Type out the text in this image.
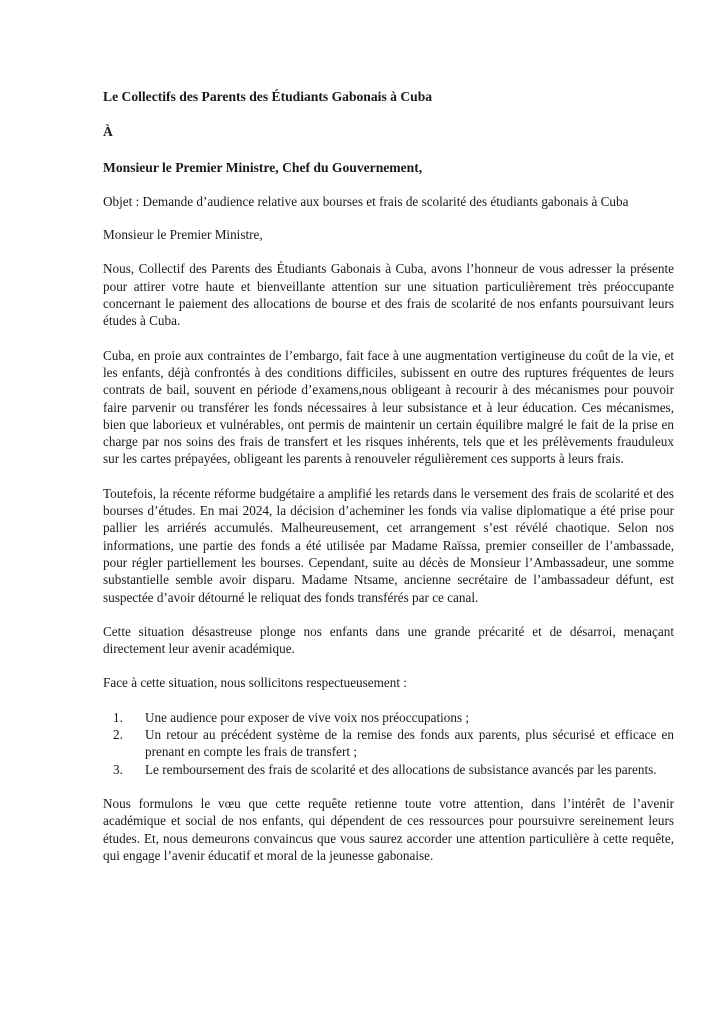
Le Collectifs des Parents des Étudiants Gabonais à Cuba

À

Monsieur le Premier Ministre, Chef du Gouvernement,

Objet : Demande d’audience relative aux bourses et frais de scolarité des étudiants gabonais à Cuba

Monsieur le Premier Ministre,

Nous, Collectif des Parents des Étudiants Gabonais à Cuba, avons l’honneur de vous adresser la présente pour attirer votre haute et bienveillante attention sur une situation particulièrement très préoccupante concernant le paiement des allocations de bourse et des frais de scolarité de nos enfants poursuivant leurs études à Cuba.

Cuba, en proie aux contraintes de l’embargo, fait face à une augmentation vertigineuse du coût de la vie, et les enfants, déjà confrontés à des conditions difficiles, subissent en outre des ruptures fréquentes de leurs contrats de bail, souvent en période d’examens,nous obligeant à recourir à des mécanismes pour pouvoir faire parvenir ou transférer les fonds nécessaires à leur subsistance et à leur éducation. Ces mécanismes, bien que laborieux et vulnérables, ont permis de maintenir un certain équilibre malgré le fait de la prise en charge par nos soins des frais de transfert et les risques inhérents, tels que et les prélèvements frauduleux sur les cartes prépayées, obligeant les parents à renouveler régulièrement ces supports à leurs frais.

Toutefois, la récente réforme budgétaire a amplifié les retards dans le versement des frais de scolarité et des bourses d’études. En mai 2024, la décision d’acheminer les fonds via valise diplomatique a été prise pour pallier les arriérés accumulés. Malheureusement, cet arrangement s’est révélé chaotique. Selon nos informations, une partie des fonds a été utilisée par Madame Raïssa, premier conseiller de l’ambassade, pour régler partiellement les bourses. Cependant, suite au décès de Monsieur l’Ambassadeur, une somme substantielle semble avoir disparu. Madame Ntsame, ancienne secrétaire de l’ambassadeur défunt, est suspectée d’avoir détourné le reliquat des fonds transférés par ce canal.

Cette situation désastreuse plonge nos enfants dans une grande précarité et de désarroi, menaçant directement leur avenir académique.

Face à cette situation, nous sollicitons respectueusement :

1. Une audience pour exposer de vive voix nos préoccupations ;
2. Un retour au précédent système de la remise des fonds aux parents, plus sécurisé et efficace en prenant en compte les frais de transfert ;
3. Le remboursement des frais de scolarité et des allocations de subsistance avancés par les parents.

Nous formulons le vœu que cette requête retienne toute votre attention, dans l’intérêt de l’avenir académique et social de nos enfants, qui dépendent de ces ressources pour poursuivre sereinement leurs études. Et, nous demeurons convaincus que vous saurez accorder une attention particulière à cette requête, qui engage l’avenir éducatif et moral de la jeunesse gabonaise.
